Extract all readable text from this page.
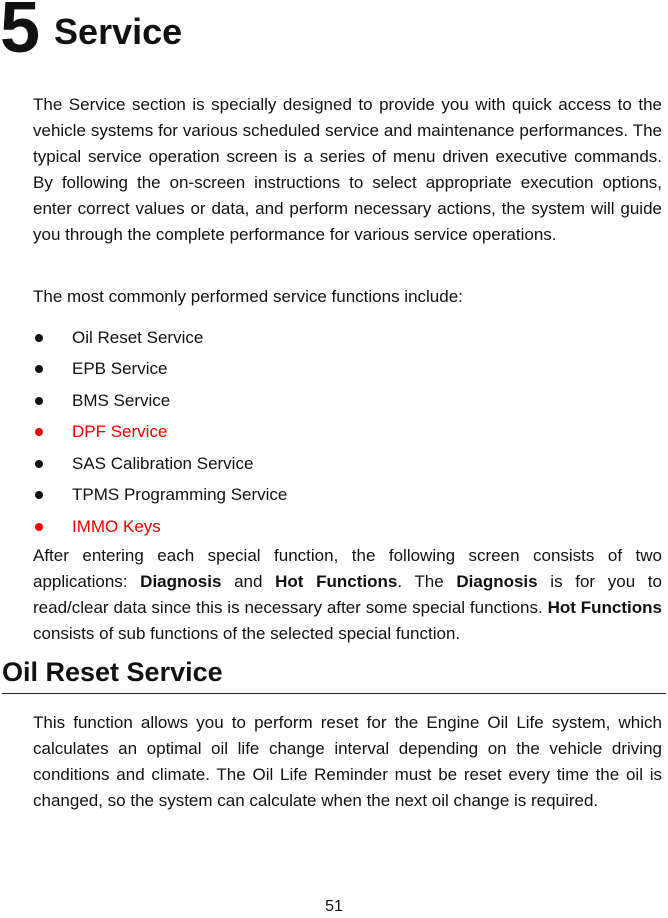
5 Service

The Service section is specially designed to provide you with quick access to the vehicle systems for various scheduled service and maintenance performances. The typical service operation screen is a series of menu driven executive commands. By following the on-screen instructions to select appropriate execution options, enter correct values or data, and perform necessary actions, the system will guide you through the complete performance for various service operations.

The most commonly performed service functions include:

Oil Reset Service
EPB Service
BMS Service
DPF Service
SAS Calibration Service
TPMS Programming Service
IMMO Keys

After entering each special function, the following screen consists of two applications: Diagnosis and Hot Functions. The Diagnosis is for you to read/clear data since this is necessary after some special functions. Hot Functions consists of sub functions of the selected special function.

Oil Reset Service

This function allows you to perform reset for the Engine Oil Life system, which calculates an optimal oil life change interval depending on the vehicle driving conditions and climate. The Oil Life Reminder must be reset every time the oil is changed, so the system can calculate when the next oil change is required.

51
